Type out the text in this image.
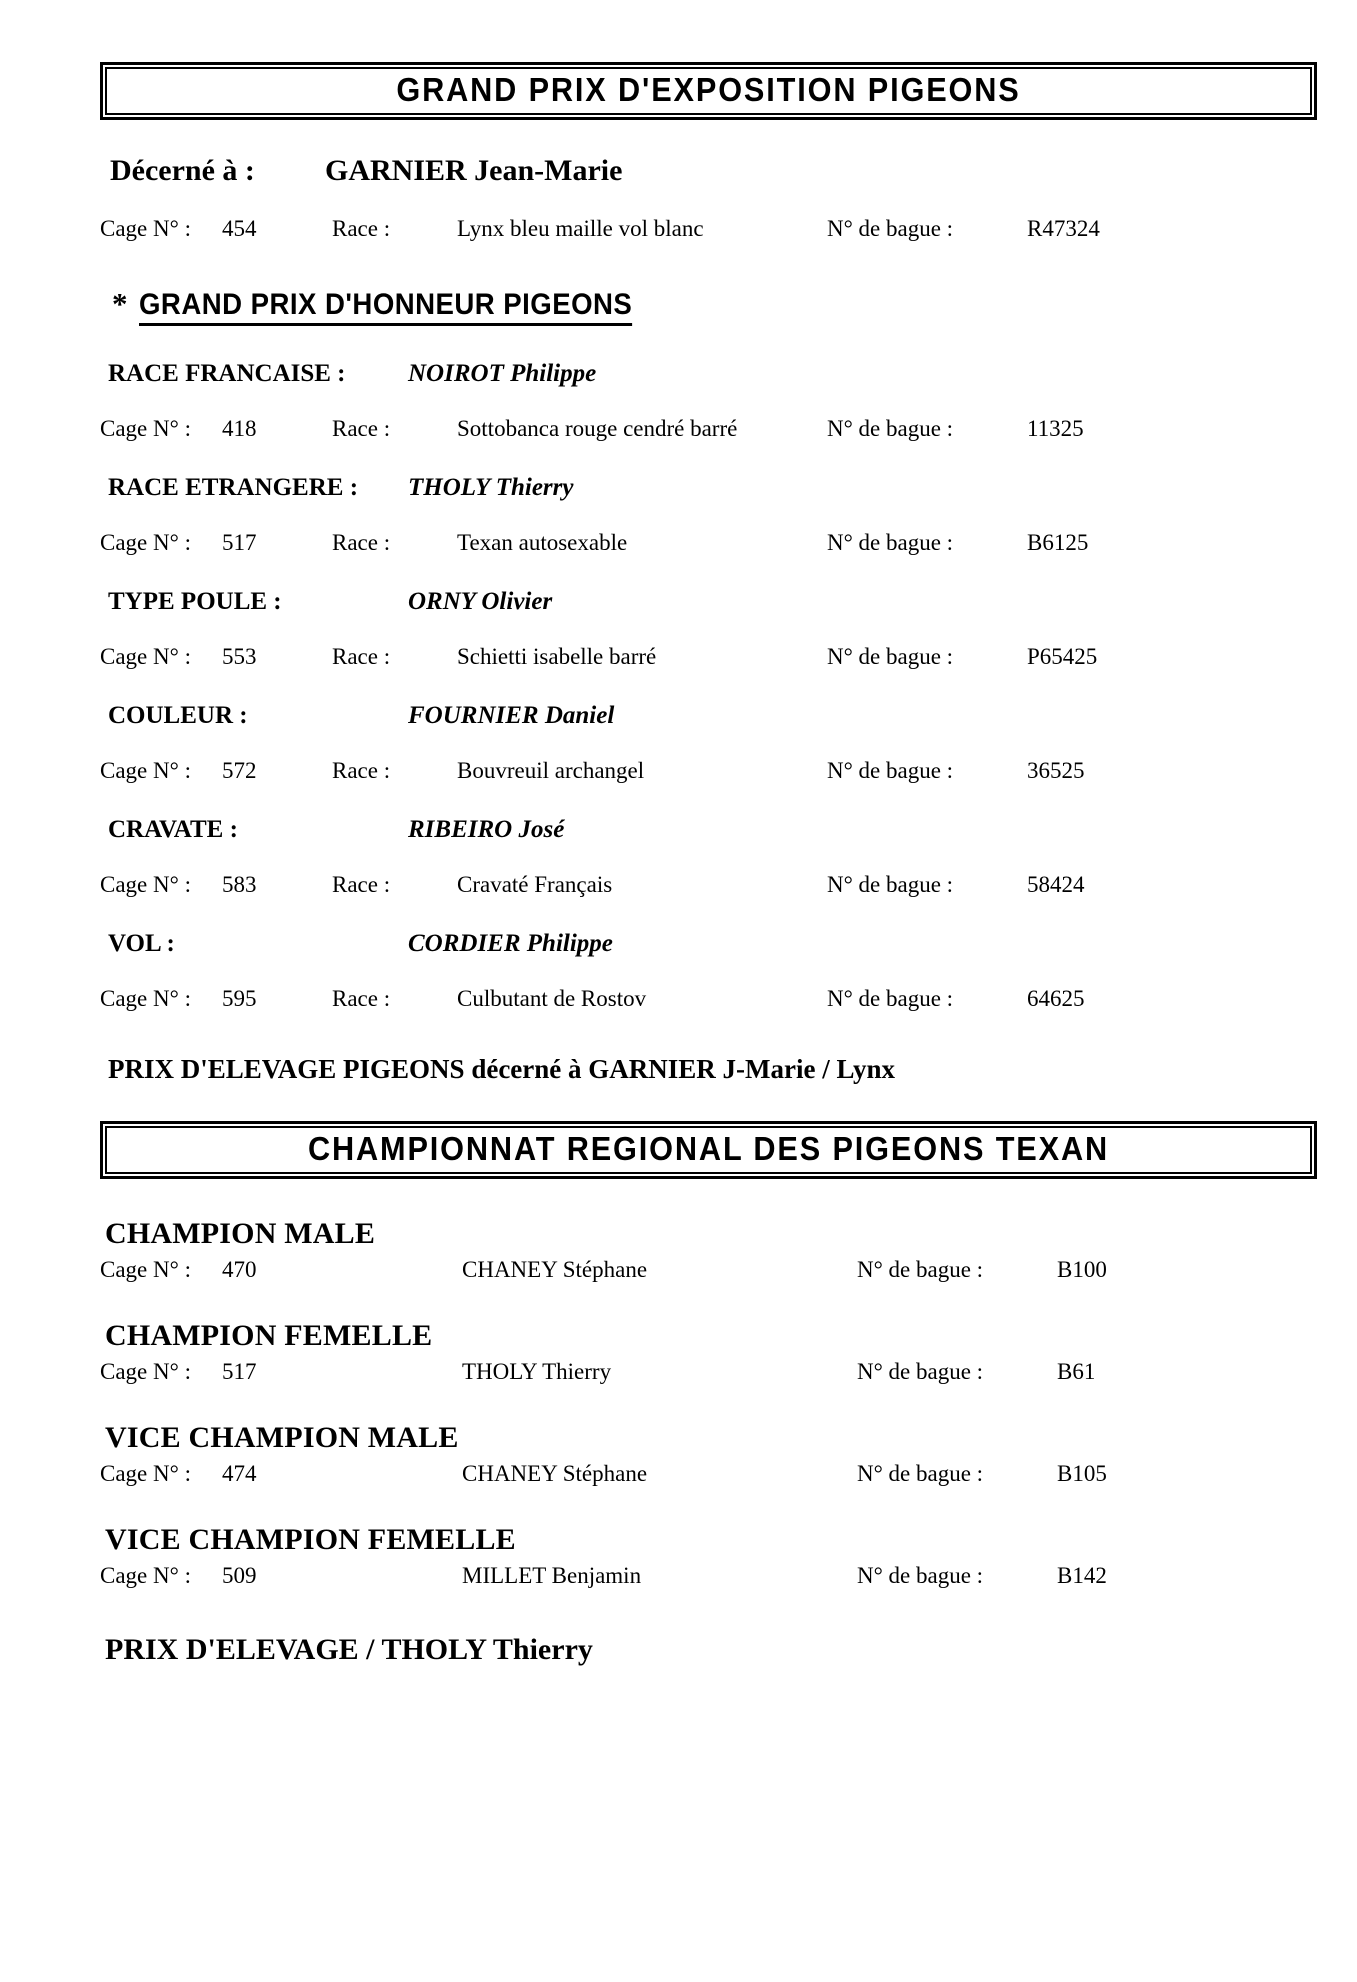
GRAND PRIX D'EXPOSITION PIGEONS
Décerné à :	GARNIER Jean-Marie
Cage N° :	454	Race :	Lynx bleu maille vol blanc	N° de bague :	R47324
* GRAND PRIX D'HONNEUR PIGEONS
RACE FRANCAISE :	NOIROT Philippe
Cage N° :	418	Race :	Sottobanca rouge cendré barré	N° de bague :	11325
RACE ETRANGERE :	THOLY Thierry
Cage N° :	517	Race :	Texan autosexable	N° de bague :	B6125
TYPE POULE :	ORNY Olivier
Cage N° :	553	Race :	Schietti isabelle barré	N° de bague :	P65425
COULEUR :	FOURNIER Daniel
Cage N° :	572	Race :	Bouvreuil archangel	N° de bague :	36525
CRAVATE :	RIBEIRO José
Cage N° :	583	Race :	Cravaté Français	N° de bague :	58424
VOL :	CORDIER Philippe
Cage N° :	595	Race :	Culbutant de Rostov	N° de bague :	64625
PRIX D'ELEVAGE PIGEONS décerné à GARNIER J-Marie / Lynx
CHAMPIONNAT REGIONAL DES PIGEONS TEXAN
CHAMPION MALE
Cage N° :	470	CHANEY Stéphane	N° de bague :	B100
CHAMPION FEMELLE
Cage N° :	517	THOLY Thierry	N° de bague :	B61
VICE CHAMPION MALE
Cage N° :	474	CHANEY Stéphane	N° de bague :	B105
VICE CHAMPION FEMELLE
Cage N° :	509	MILLET Benjamin	N° de bague :	B142
PRIX D'ELEVAGE / THOLY Thierry
